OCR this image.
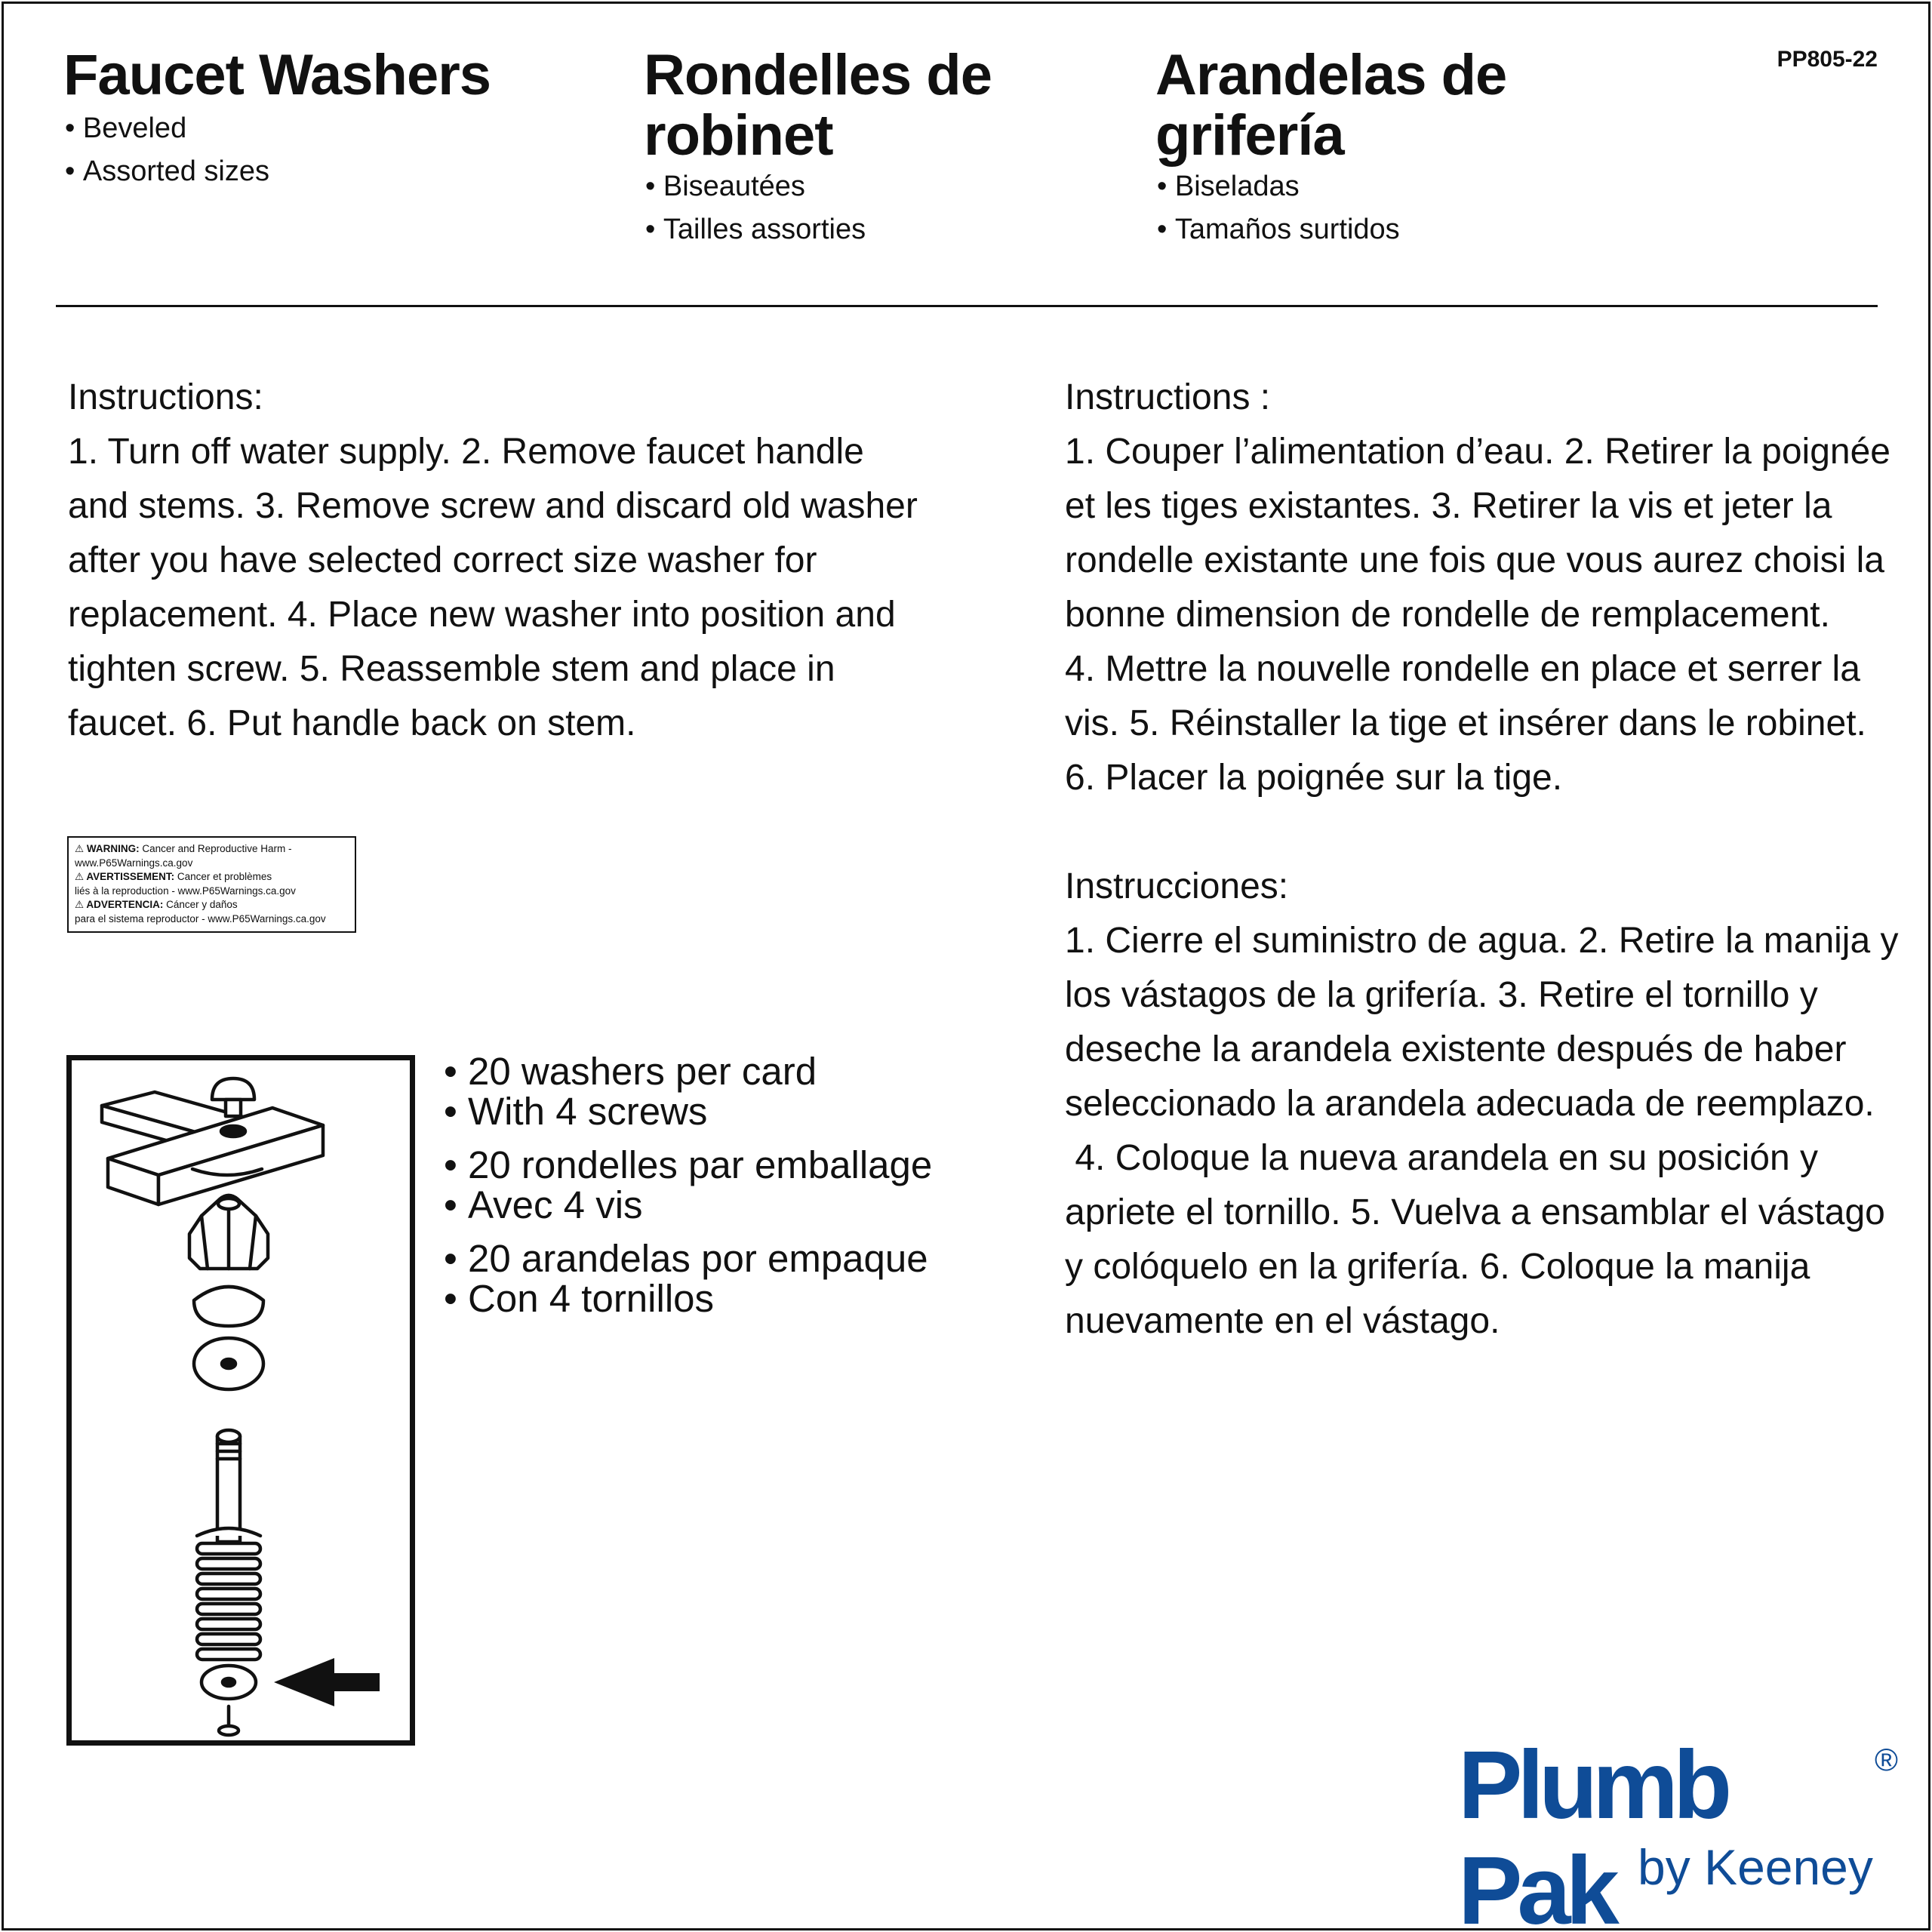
Faucet Washers
• Beveled
• Assorted sizes
Rondelles de
robinet
• Biseautées
• Tailles assorties
Arandelas de
grifería
• Biseladas
• Tamaños surtidos
PP805-22
Instructions:
1. Turn off water supply. 2. Remove faucet handle
and stems. 3. Remove screw and discard old washer
after you have selected correct size washer for
replacement. 4. Place new washer into position and
tighten screw. 5. Reassemble stem and place in
faucet. 6. Put handle back on stem.
Instructions :
1. Couper l’alimentation d’eau. 2. Retirer la poignée
et les tiges existantes. 3. Retirer la vis et jeter la
rondelle existante une fois que vous aurez choisi la
bonne dimension de rondelle de remplacement.
4. Mettre la nouvelle rondelle en place et serrer la
vis. 5. Réinstaller la tige et insérer dans le robinet.
6. Placer la poignée sur la tige.
Instrucciones:
1. Cierre el suministro de agua. 2. Retire la manija y
los vástagos de la grifería. 3. Retire el tornillo y
deseche la arandela existente después de haber
seleccionado la arandela adecuada de reemplazo.
4. Coloque la nueva arandela en su posición y
apriete el tornillo. 5. Vuelva a ensamblar el vástago
y colóquelo en la grifería. 6. Coloque la manija
nuevamente en el vástago.
⚠ WARNING: Cancer and Reproductive Harm -
www.P65Warnings.ca.gov
⚠ AVERTISSEMENT: Cancer et problèmes
liés à la reproduction - www.P65Warnings.ca.gov
⚠ ADVERTENCIA: Cáncer y daños
para el sistema reproductor - www.P65Warnings.ca.gov
• 20 washers per card
• With 4 screws
• 20 rondelles par emballage
• Avec 4 vis
• 20 arandelas por empaque
• Con 4 tornillos
Plumb Pak
®
by Keeney
